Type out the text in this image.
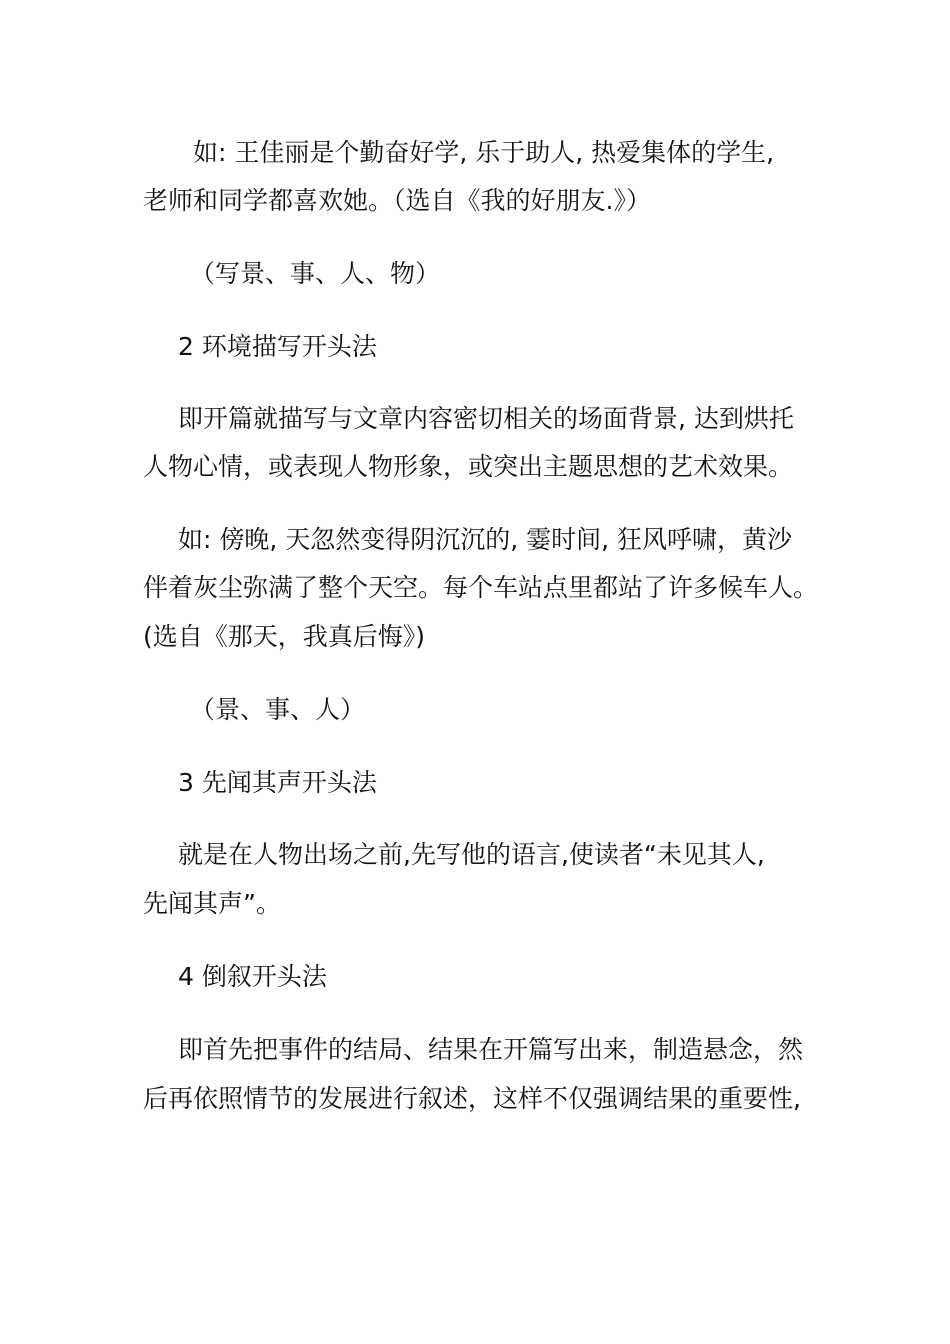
如: 王佳丽是个勤奋好学, 乐于助人, 热爱集体的学生,
老师和同学都喜欢她。（选自《我的好朋友.》）
（写景、事、人、物）
2 环境描写开头法
即开篇就描写与文章内容密切相关的场面背景, 达到烘托
人物心情，或表现人物形象，或突出主题思想的艺术效果。
如: 傍晚, 天忽然变得阴沉沉的, 霎时间, 狂风呼啸，黄沙
伴着灰尘弥满了整个天空。每个车站点里都站了许多候车人。
(选自《那天，我真后悔》)
（景、事、人）
3 先闻其声开头法
就是在人物出场之前,先写他的语言,使读者“未见其人,
先闻其声”。
4 倒叙开头法
即首先把事件的结局、结果在开篇写出来，制造悬念，然
后再依照情节的发展进行叙述，这样不仅强调结果的重要性,
